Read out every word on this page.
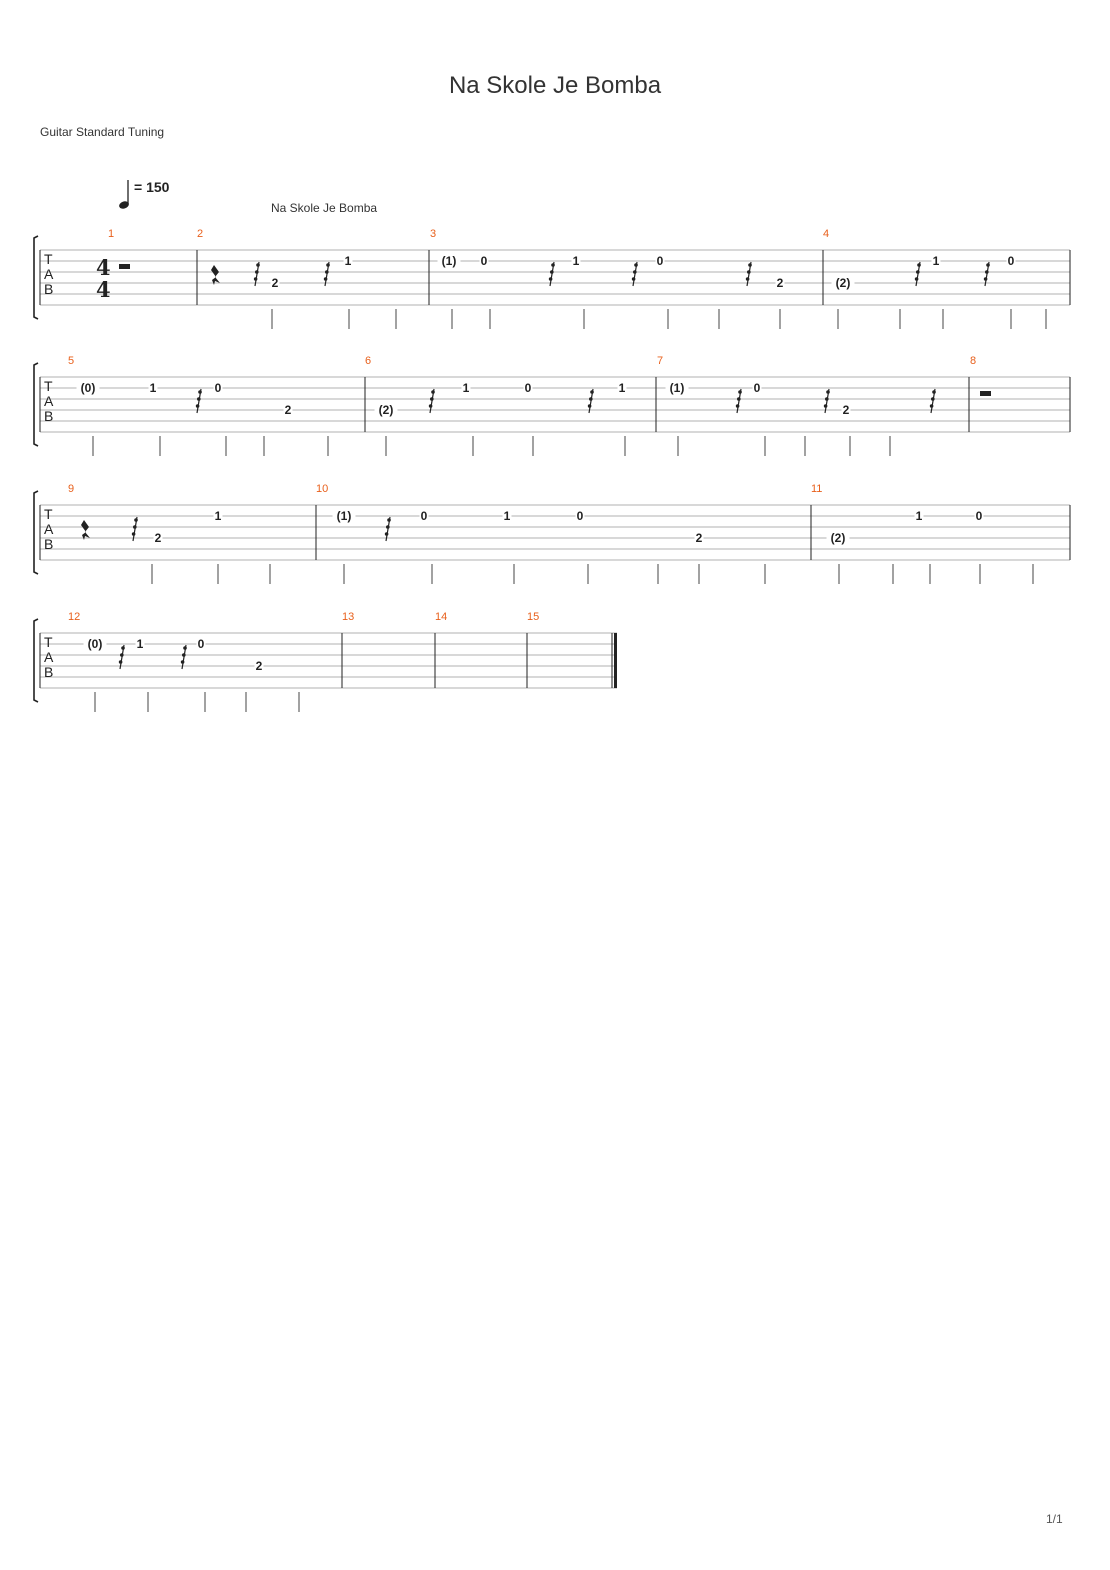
Na Skole Je Bomba
Guitar Standard Tuning
= 150
Na Skole Je Bomba
1/1
T
A
B
4
4
1	2
2
1
3
(1) 0	1	0
2
4
(2)
1	0
T
A
B
5
(0)	1	0
2
6
(2)
1	0	1
7
(1)	0
2
8
T
A
B
9
2
1
10
(1)	0	1	0
2
11
(2)
1	0
T
A
B
12
(0)	1	0
2
13	14	15
